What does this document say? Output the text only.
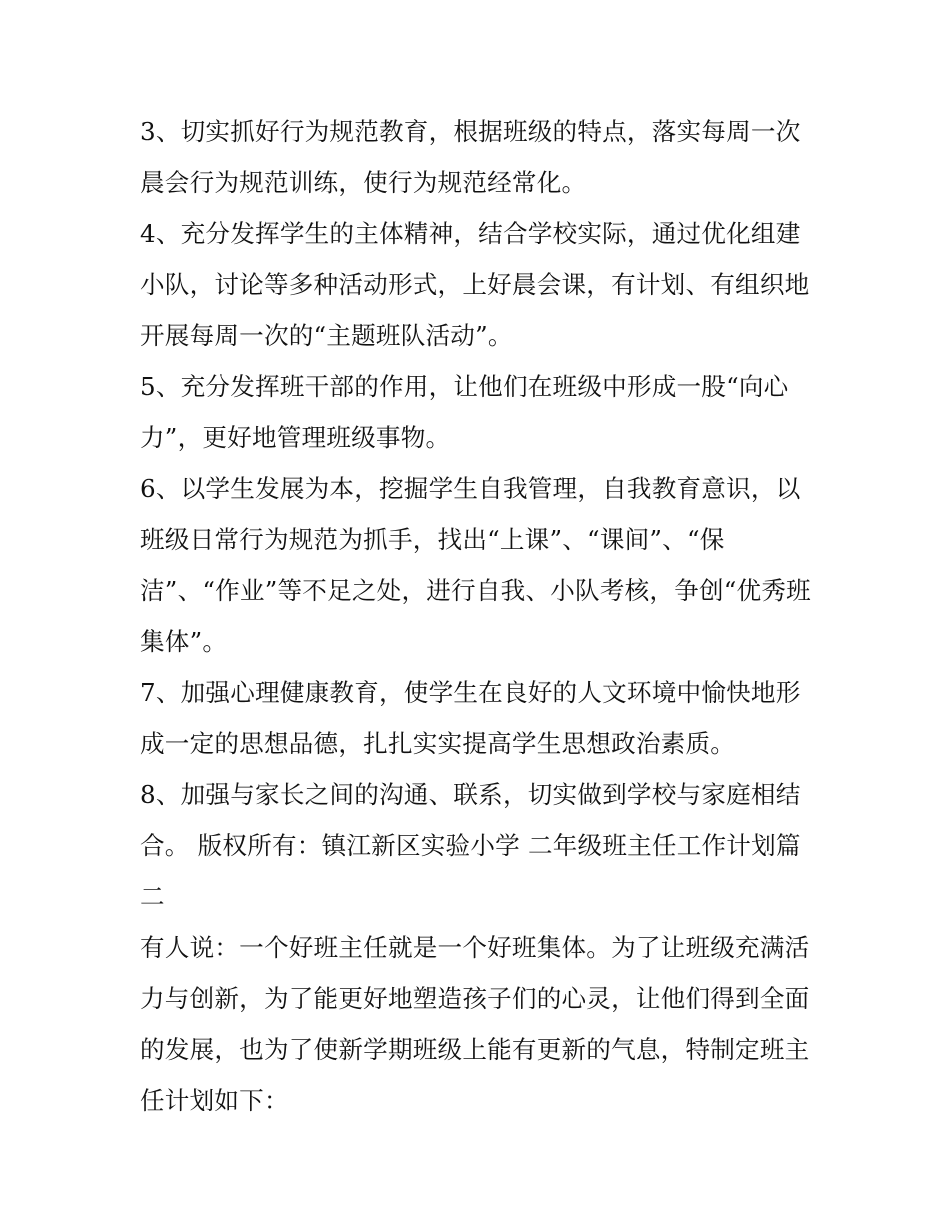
3、切实抓好行为规范教育，根据班级的特点，落实每周一次
晨会行为规范训练，使行为规范经常化。
4、充分发挥学生的主体精神，结合学校实际，通过优化组建
小队，讨论等多种活动形式，上好晨会课，有计划、有组织地
开展每周一次的“主题班队活动”。
5、充分发挥班干部的作用，让他们在班级中形成一股“向心
力”，更好地管理班级事物。
6、以学生发展为本，挖掘学生自我管理，自我教育意识，以
班级日常行为规范为抓手，找出“上课”、“课间”、“保
洁”、“作业”等不足之处，进行自我、小队考核，争创“优秀班
集体”。
7、加强心理健康教育，使学生在良好的人文环境中愉快地形
成一定的思想品德，扎扎实实提高学生思想政治素质。
8、加强与家长之间的沟通、联系，切实做到学校与家庭相结
合。 版权所有：镇江新区实验小学 二年级班主任工作计划篇
二
有人说：一个好班主任就是一个好班集体。为了让班级充满活
力与创新，为了能更好地塑造孩子们的心灵，让他们得到全面
的发展，也为了使新学期班级上能有更新的气息，特制定班主
任计划如下：
